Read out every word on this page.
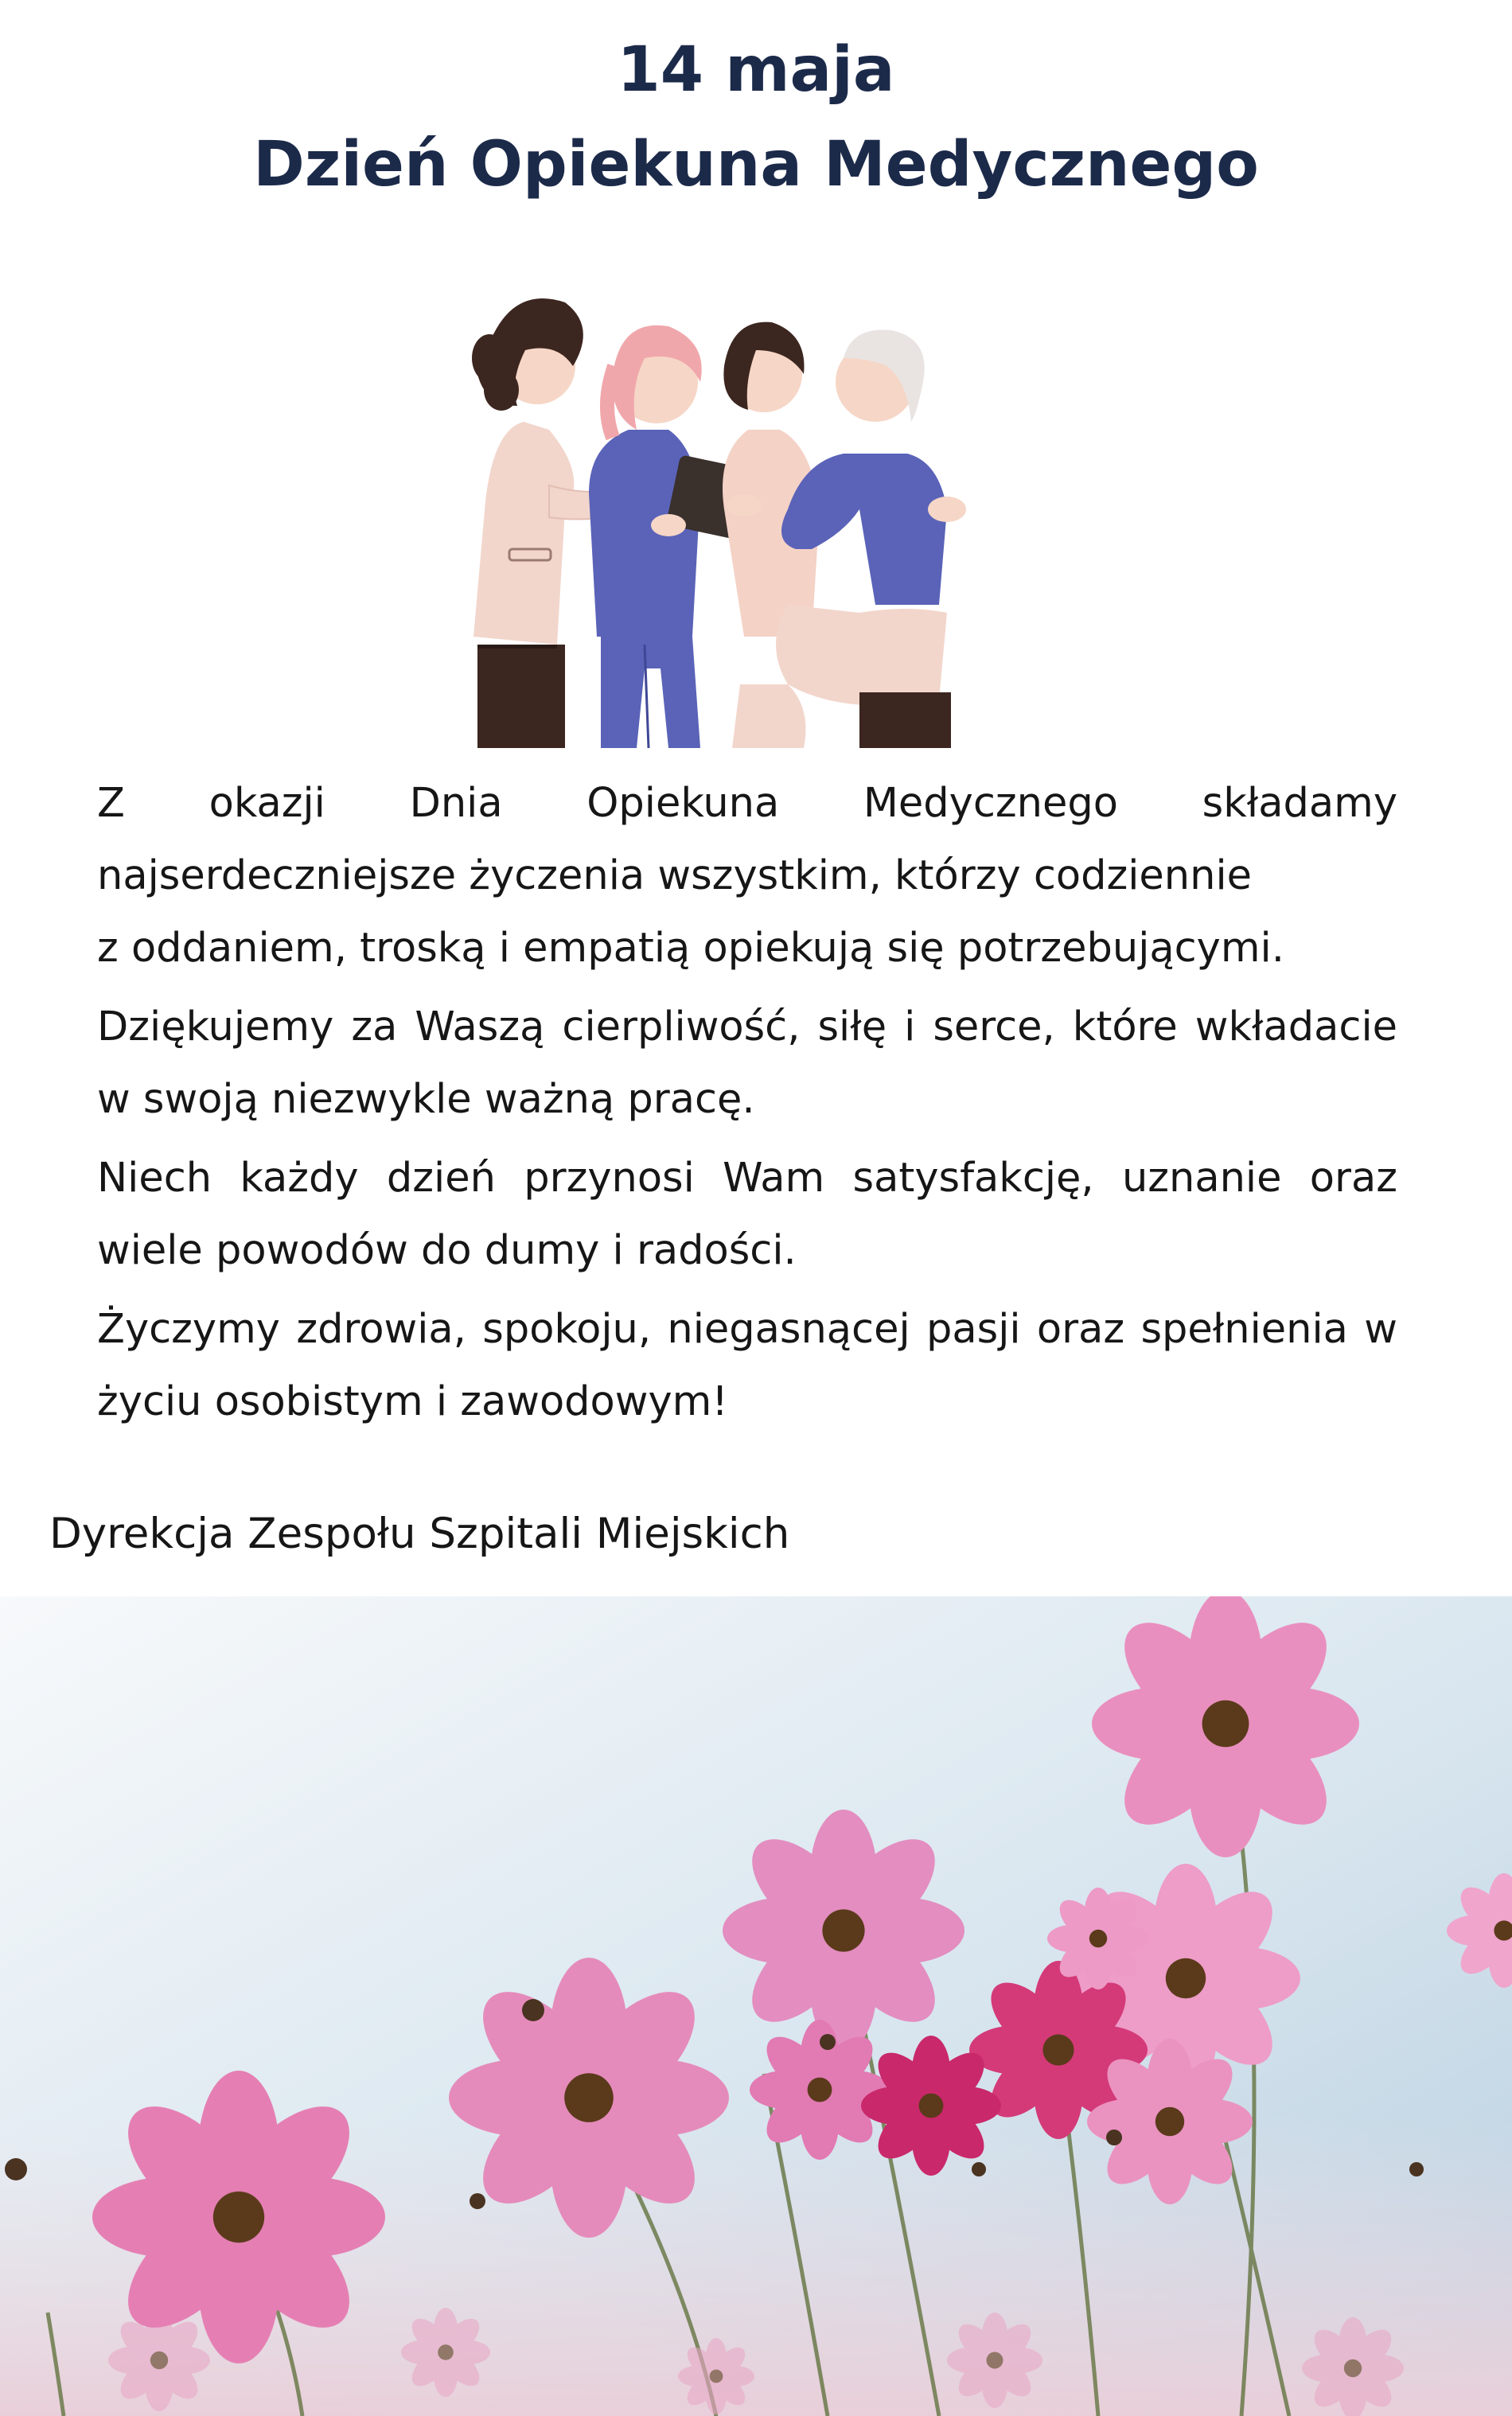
14 maja
Dzień Opiekuna Medycznego

Z okazji Dnia Opiekuna Medycznego składamy
najserdeczniejsze życzenia wszystkim, którzy codziennie
z oddaniem, troską i empatią opiekują się potrzebującymi.

Dziękujemy za Waszą cierpliwość, siłę i serce, które wkładacie w swoją niezwykle ważną pracę.

Niech każdy dzień przynosi Wam satysfakcję, uznanie oraz wiele powodów do dumy i radości.

Życzymy zdrowia, spokoju, niegasnącej pasji oraz spełnienia w życiu osobistym i zawodowym!

Dyrekcja Zespołu Szpitali Miejskich
